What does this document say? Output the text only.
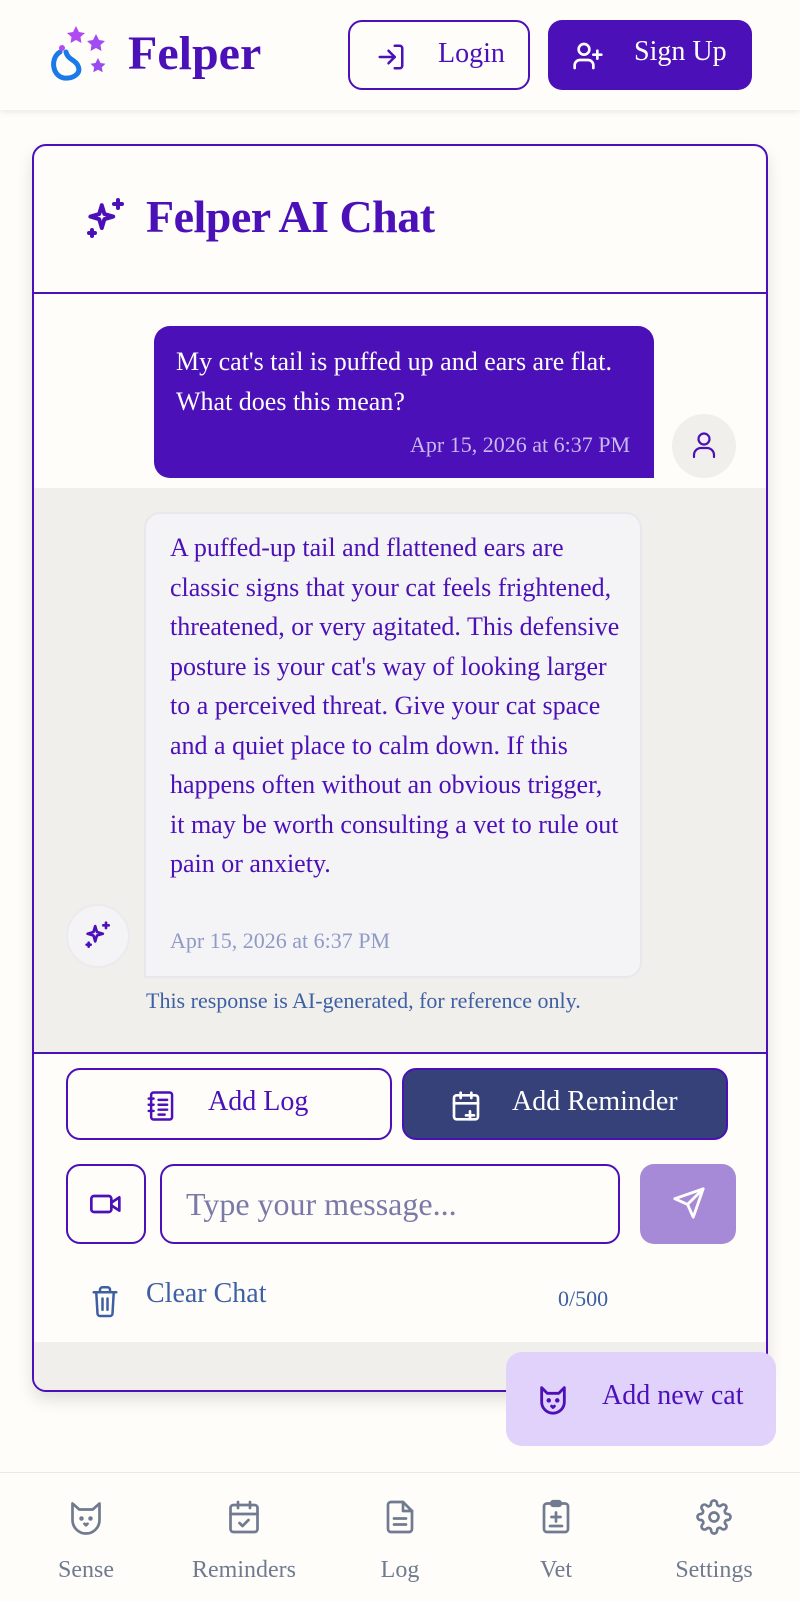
Felper	Login	Sign Up
Felper AI Chat
My cat's tail is puffed up and ears are flat. What does this mean?
Apr 15, 2026 at 6:37 PM
A puffed-up tail and flattened ears are classic signs that your cat feels frightened, threatened, or very agitated. This defensive posture is your cat's way of looking larger to a perceived threat. Give your cat space and a quiet place to calm down. If this happens often without an obvious trigger, it may be worth consulting a vet to rule out pain or anxiety.
Apr 15, 2026 at 6:37 PM
This response is AI-generated, for reference only.
Add Log	Add Reminder
Type your message...
Clear Chat	0/500
Add new cat
Sense	Reminders	Log	Vet	Settings
